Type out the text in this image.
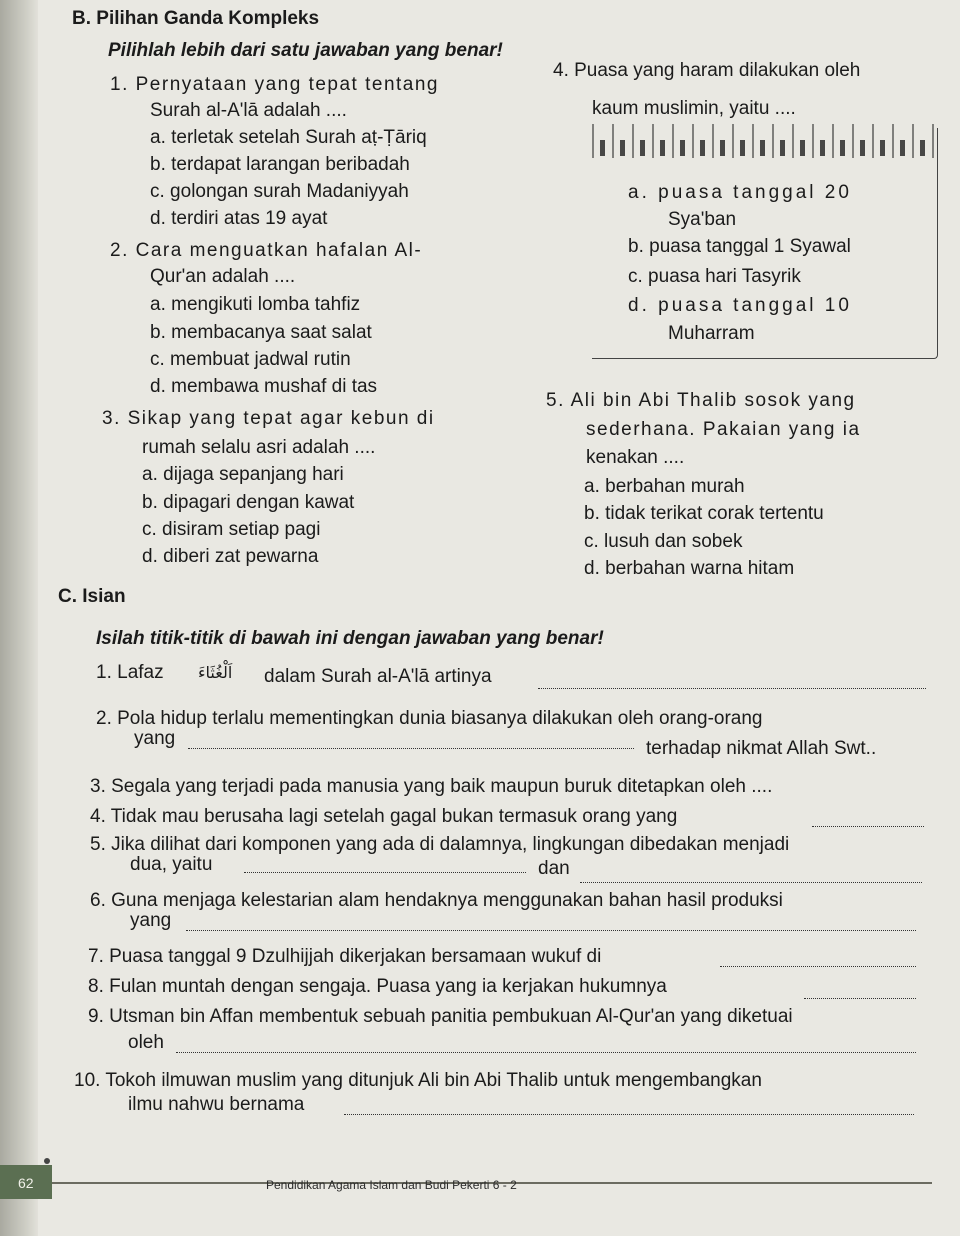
B. Pilihan Ganda Kompleks
Pilihlah lebih dari satu jawaban yang benar!
1. Pernyataan yang tepat tentang
Surah al-A'lā adalah ....
a. terletak setelah Surah aṭ-Ṭāriq
b. terdapat larangan beribadah
c. golongan surah Madaniyyah
d. terdiri atas 19 ayat
2. Cara menguatkan hafalan Al-
Qur'an adalah ....
a. mengikuti lomba tahfiz
b. membacanya saat salat
c. membuat jadwal rutin
d. membawa mushaf di tas
3. Sikap yang tepat agar kebun di
rumah selalu asri adalah ....
a. dijaga sepanjang hari
b. dipagari dengan kawat
c. disiram setiap pagi
d. diberi zat pewarna
4. Puasa yang haram dilakukan oleh
kaum muslimin, yaitu ....
a. puasa tanggal 20
Sya'ban
b. puasa tanggal 1 Syawal
c. puasa hari Tasyrik
d. puasa tanggal 10
Muharram
5. Ali bin Abi Thalib sosok yang
sederhana. Pakaian yang ia
kenakan ....
a. berbahan murah
b. tidak terikat corak tertentu
c. lusuh dan sobek
d. berbahan warna hitam
C. Isian
Isilah titik-titik di bawah ini dengan jawaban yang benar!
1. Lafaz اَلْغُثَاءَ dalam Surah al-A'lā artinya
2. Pola hidup terlalu mementingkan dunia biasanya dilakukan oleh orang-orang
yang	terhadap nikmat Allah Swt..
3. Segala yang terjadi pada manusia yang baik maupun buruk ditetapkan oleh ....
4. Tidak mau berusaha lagi setelah gagal bukan termasuk orang yang
5. Jika dilihat dari komponen yang ada di dalamnya, lingkungan dibedakan menjadi
dua, yaitu	dan
6. Guna menjaga kelestarian alam hendaknya menggunakan bahan hasil produksi
yang
7. Puasa tanggal 9 Dzulhijjah dikerjakan bersamaan wukuf di
8. Fulan muntah dengan sengaja. Puasa yang ia kerjakan hukumnya
9. Utsman bin Affan membentuk sebuah panitia pembukuan Al-Qur'an yang diketuai
oleh
10. Tokoh ilmuwan muslim yang ditunjuk Ali bin Abi Thalib untuk mengembangkan
ilmu nahwu bernama
62	Pendidikan Agama Islam dan Budi Pekerti 6 - 2
